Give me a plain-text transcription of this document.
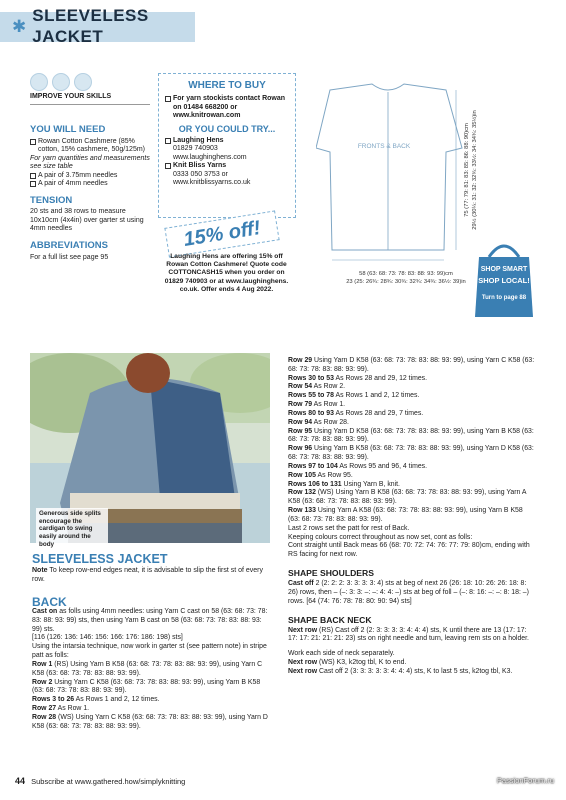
✱
SLEEVELESS JACKET
IMPROVE YOUR SKILLS
YOU WILL NEED
Rowan Cotton Cashmere (85% cotton, 15% cashmere, 50g/125m)
For yarn quantities and measurements see size table
A pair of 3.75mm needles
A pair of 4mm needles
TENSION
20 sts and 38 rows to measure 10x10cm (4x4in) over garter st using 4mm needles
ABBREVIATIONS
For a full list see page 95
WHERE TO BUY
For yarn stockists contact Rowan on 01484 668200 or www.knitrowan.com
OR YOU COULD TRY...
Laughing Hens
01829 740903 www.laughinghens.com
Knit Bliss Yarns
0333 050 3753 or www.knitblissyarns.co.uk
15% off!
Laughing Hens are offering 15% off Rowan Cotton Cashmere! Quote code COTTONCASH15 when you order on 01829 740903 or at www.laughinghens. co.uk. Offer ends 4 Aug 2022.
FRONTS & BACK
58 (63: 68: 73: 78: 83: 88: 93: 99)cm
23 (25: 26¾: 28¾: 30¾: 32¾: 34¾: 36½: 39)in
75 (77: 79: 81: 83: 85: 86: 88: 90)cm 29½ (30¼: 31: 32: 32¾: 33½: 34: 34¾: 35½)in
SHOP SMART
SHOP LOCAL!
Turn to page 88
Generous side splits encourage the cardigan to swing easily around the body
SLEEVELESS JACKET
Note To keep row-end edges neat, it is advisable to slip the first st of every row.
BACK
Cast on as folls using 4mm needles: using Yarn C cast on 58 (63: 68: 73: 78: 83: 88: 93: 99) sts, then using Yarn B cast on 58 (63: 68: 73: 78: 83: 88: 93: 99) sts.
[116 (126: 136: 146: 156: 166: 176: 186: 198) sts]
Using the intarsia technique, now work in garter st (see pattern note) in stripe patt as folls:
Row 1 (RS) Using Yarn B K58 (63: 68: 73: 78: 83: 88: 93: 99), using Yarn C K58 (63: 68: 73: 78: 83: 88: 93: 99).
Row 2 Using Yarn C K58 (63: 68: 73: 78: 83: 88: 93: 99), using Yarn B K58 (63: 68: 73: 78: 83: 88: 93: 99).
Rows 3 to 26 As Rows 1 and 2, 12 times.
Row 27 As Row 1.
Row 28 (WS) Using Yarn C K58 (63: 68: 73: 78: 83: 88: 93: 99), using Yarn D K58 (63: 68: 73: 78: 83: 88: 93: 99).
Row 29 Using Yarn D K58 (63: 68: 73: 78: 83: 88: 93: 99), using Yarn C K58 (63: 68: 73: 78: 83: 88: 93: 99).
Rows 30 to 53 As Rows 28 and 29, 12 times.
Row 54 As Row 2.
Rows 55 to 78 As Rows 1 and 2, 12 times.
Row 79 As Row 1.
Rows 80 to 93 As Rows 28 and 29, 7 times.
Row 94 As Row 28.
Row 95 Using Yarn D K58 (63: 68: 73: 78: 83: 88: 93: 99), using Yarn B K58 (63: 68: 73: 78: 83: 88: 93: 99).
Row 96 Using Yarn B K58 (63: 68: 73: 78: 83: 88: 93: 99), using Yarn D K58 (63: 68: 73: 78: 83: 88: 93: 99).
Rows 97 to 104 As Rows 95 and 96, 4 times.
Row 105 As Row 95.
Rows 106 to 131 Using Yarn B, knit.
Row 132 (WS) Using Yarn B K58 (63: 68: 73: 78: 83: 88: 93: 99), using Yarn A K58 (63: 68: 73: 78: 83: 88: 93: 99).
Row 133 Using Yarn A K58 (63: 68: 73: 78: 83: 88: 93: 99), using Yarn B K58 (63: 68: 73: 78: 83: 88: 93: 99).
Last 2 rows set the patt for rest of Back.
Keeping colours correct throughout as now set, cont as folls:
Cont straight until Back meas 66 (68: 70: 72: 74: 76: 77: 79: 80)cm, ending with RS facing for next row.
SHAPE SHOULDERS
Cast off 2 (2: 2: 2: 3: 3: 3: 3: 4) sts at beg of next 26 (26: 18: 10: 26: 26: 18: 8: 26) rows, then – (–: 3: 3: –: –: 4: 4: –) sts at beg of foll – (–: 8: 16: –: –: 8: 18: –) rows. [64 (74: 76: 78: 78: 80: 90: 94) sts]
SHAPE BACK NECK
Next row (RS) Cast off 2 (2: 3: 3: 3: 3: 4: 4: 4) sts, K until there are 13 (17: 17: 17: 17: 21: 21: 21: 23) sts on right needle and turn, leaving rem sts on a holder.
Work each side of neck separately.
Next row (WS) K3, k2tog tbl, K to end.
Next row Cast off 2 (3: 3: 3: 3: 3: 4: 4: 4) sts, K to last 5 sts, k2tog tbl, K3.
44 Subscribe at www.gathered.how/simplyknitting	PassionForum.ru
